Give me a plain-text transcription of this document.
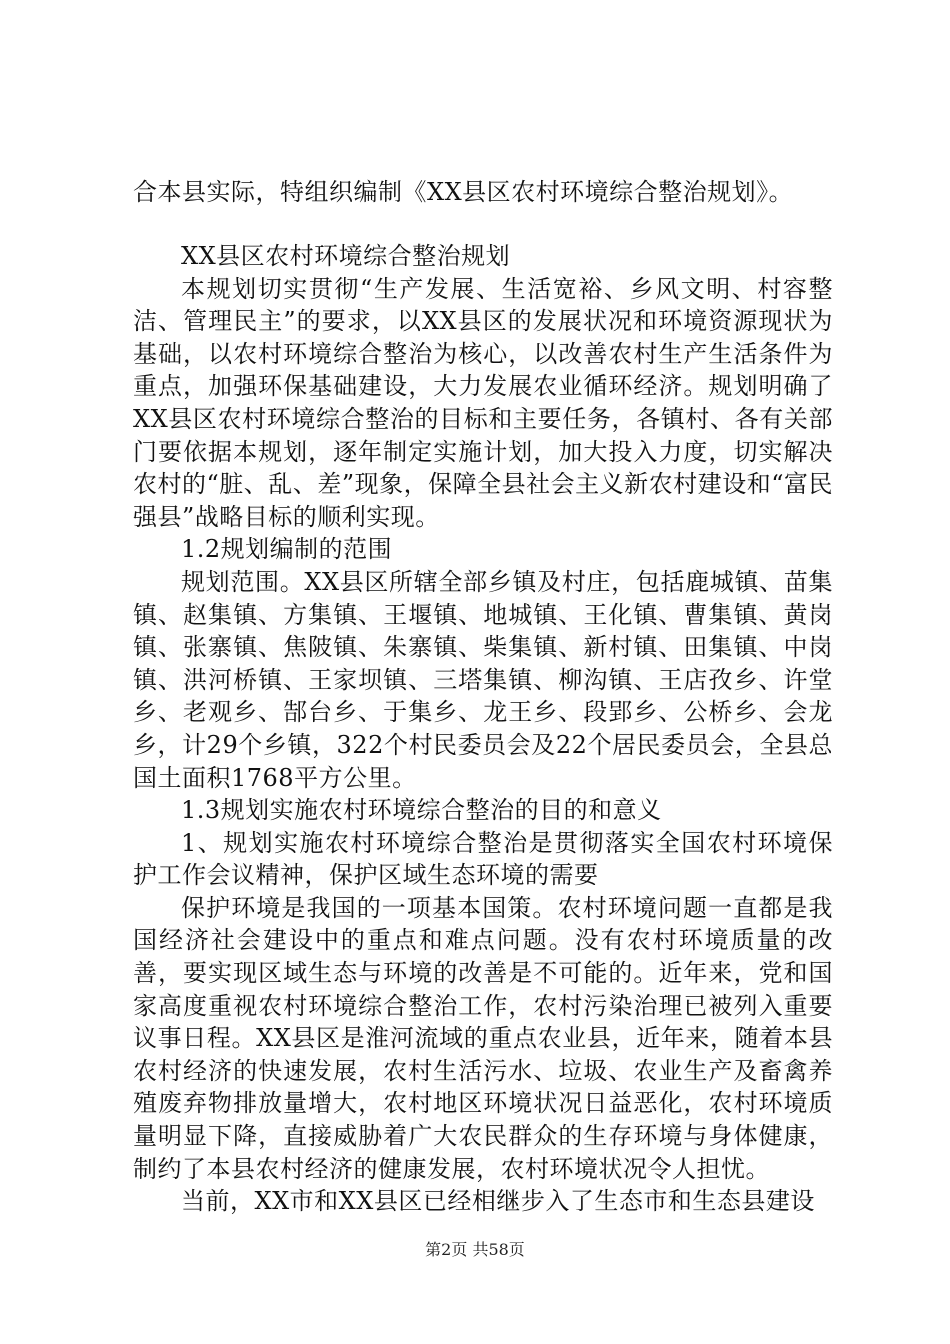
合本县实际，特组织编制《XX县区农村环境综合整治规划》。

XX县区农村环境综合整治规划

本规划切实贯彻“生产发展、生活宽裕、乡风文明、村容整洁、管理民主”的要求，以XX县区的发展状况和环境资源现状为基础，以农村环境综合整治为核心，以改善农村生产生活条件为重点，加强环保基础建设，大力发展农业循环经济。规划明确了XX县区农村环境综合整治的目标和主要任务，各镇村、各有关部门要依据本规划，逐年制定实施计划，加大投入力度，切实解决农村的“脏、乱、差”现象，保障全县社会主义新农村建设和“富民强县”战略目标的顺利实现。

1.2规划编制的范围

规划范围。XX县区所辖全部乡镇及村庄，包括鹿城镇、苗集镇、赵集镇、方集镇、王堰镇、地城镇、王化镇、曹集镇、黄岗镇、张寨镇、焦陂镇、朱寨镇、柴集镇、新村镇、田集镇、中岗镇、洪河桥镇、王家坝镇、三塔集镇、柳沟镇、王店孜乡、许堂乡、老观乡、郜台乡、于集乡、龙王乡、段郢乡、公桥乡、会龙乡，计29个乡镇，322个村民委员会及22个居民委员会，全县总国土面积1768平方公里。

1.3规划实施农村环境综合整治的目的和意义

1、规划实施农村环境综合整治是贯彻落实全国农村环境保护工作会议精神，保护区域生态环境的需要

保护环境是我国的一项基本国策。农村环境问题一直都是我国经济社会建设中的重点和难点问题。没有农村环境质量的改善，要实现区域生态与环境的改善是不可能的。近年来，党和国家高度重视农村环境综合整治工作，农村污染治理已被列入重要议事日程。XX县区是淮河流域的重点农业县，近年来，随着本县农村经济的快速发展，农村生活污水、垃圾、农业生产及畜禽养殖废弃物排放量增大，农村地区环境状况日益恶化，农村环境质量明显下降，直接威胁着广大农民群众的生存环境与身体健康，制约了本县农村经济的健康发展，农村环境状况令人担忧。

当前，XX市和XX县区已经相继步入了生态市和生态县建设

第2页 共58页
